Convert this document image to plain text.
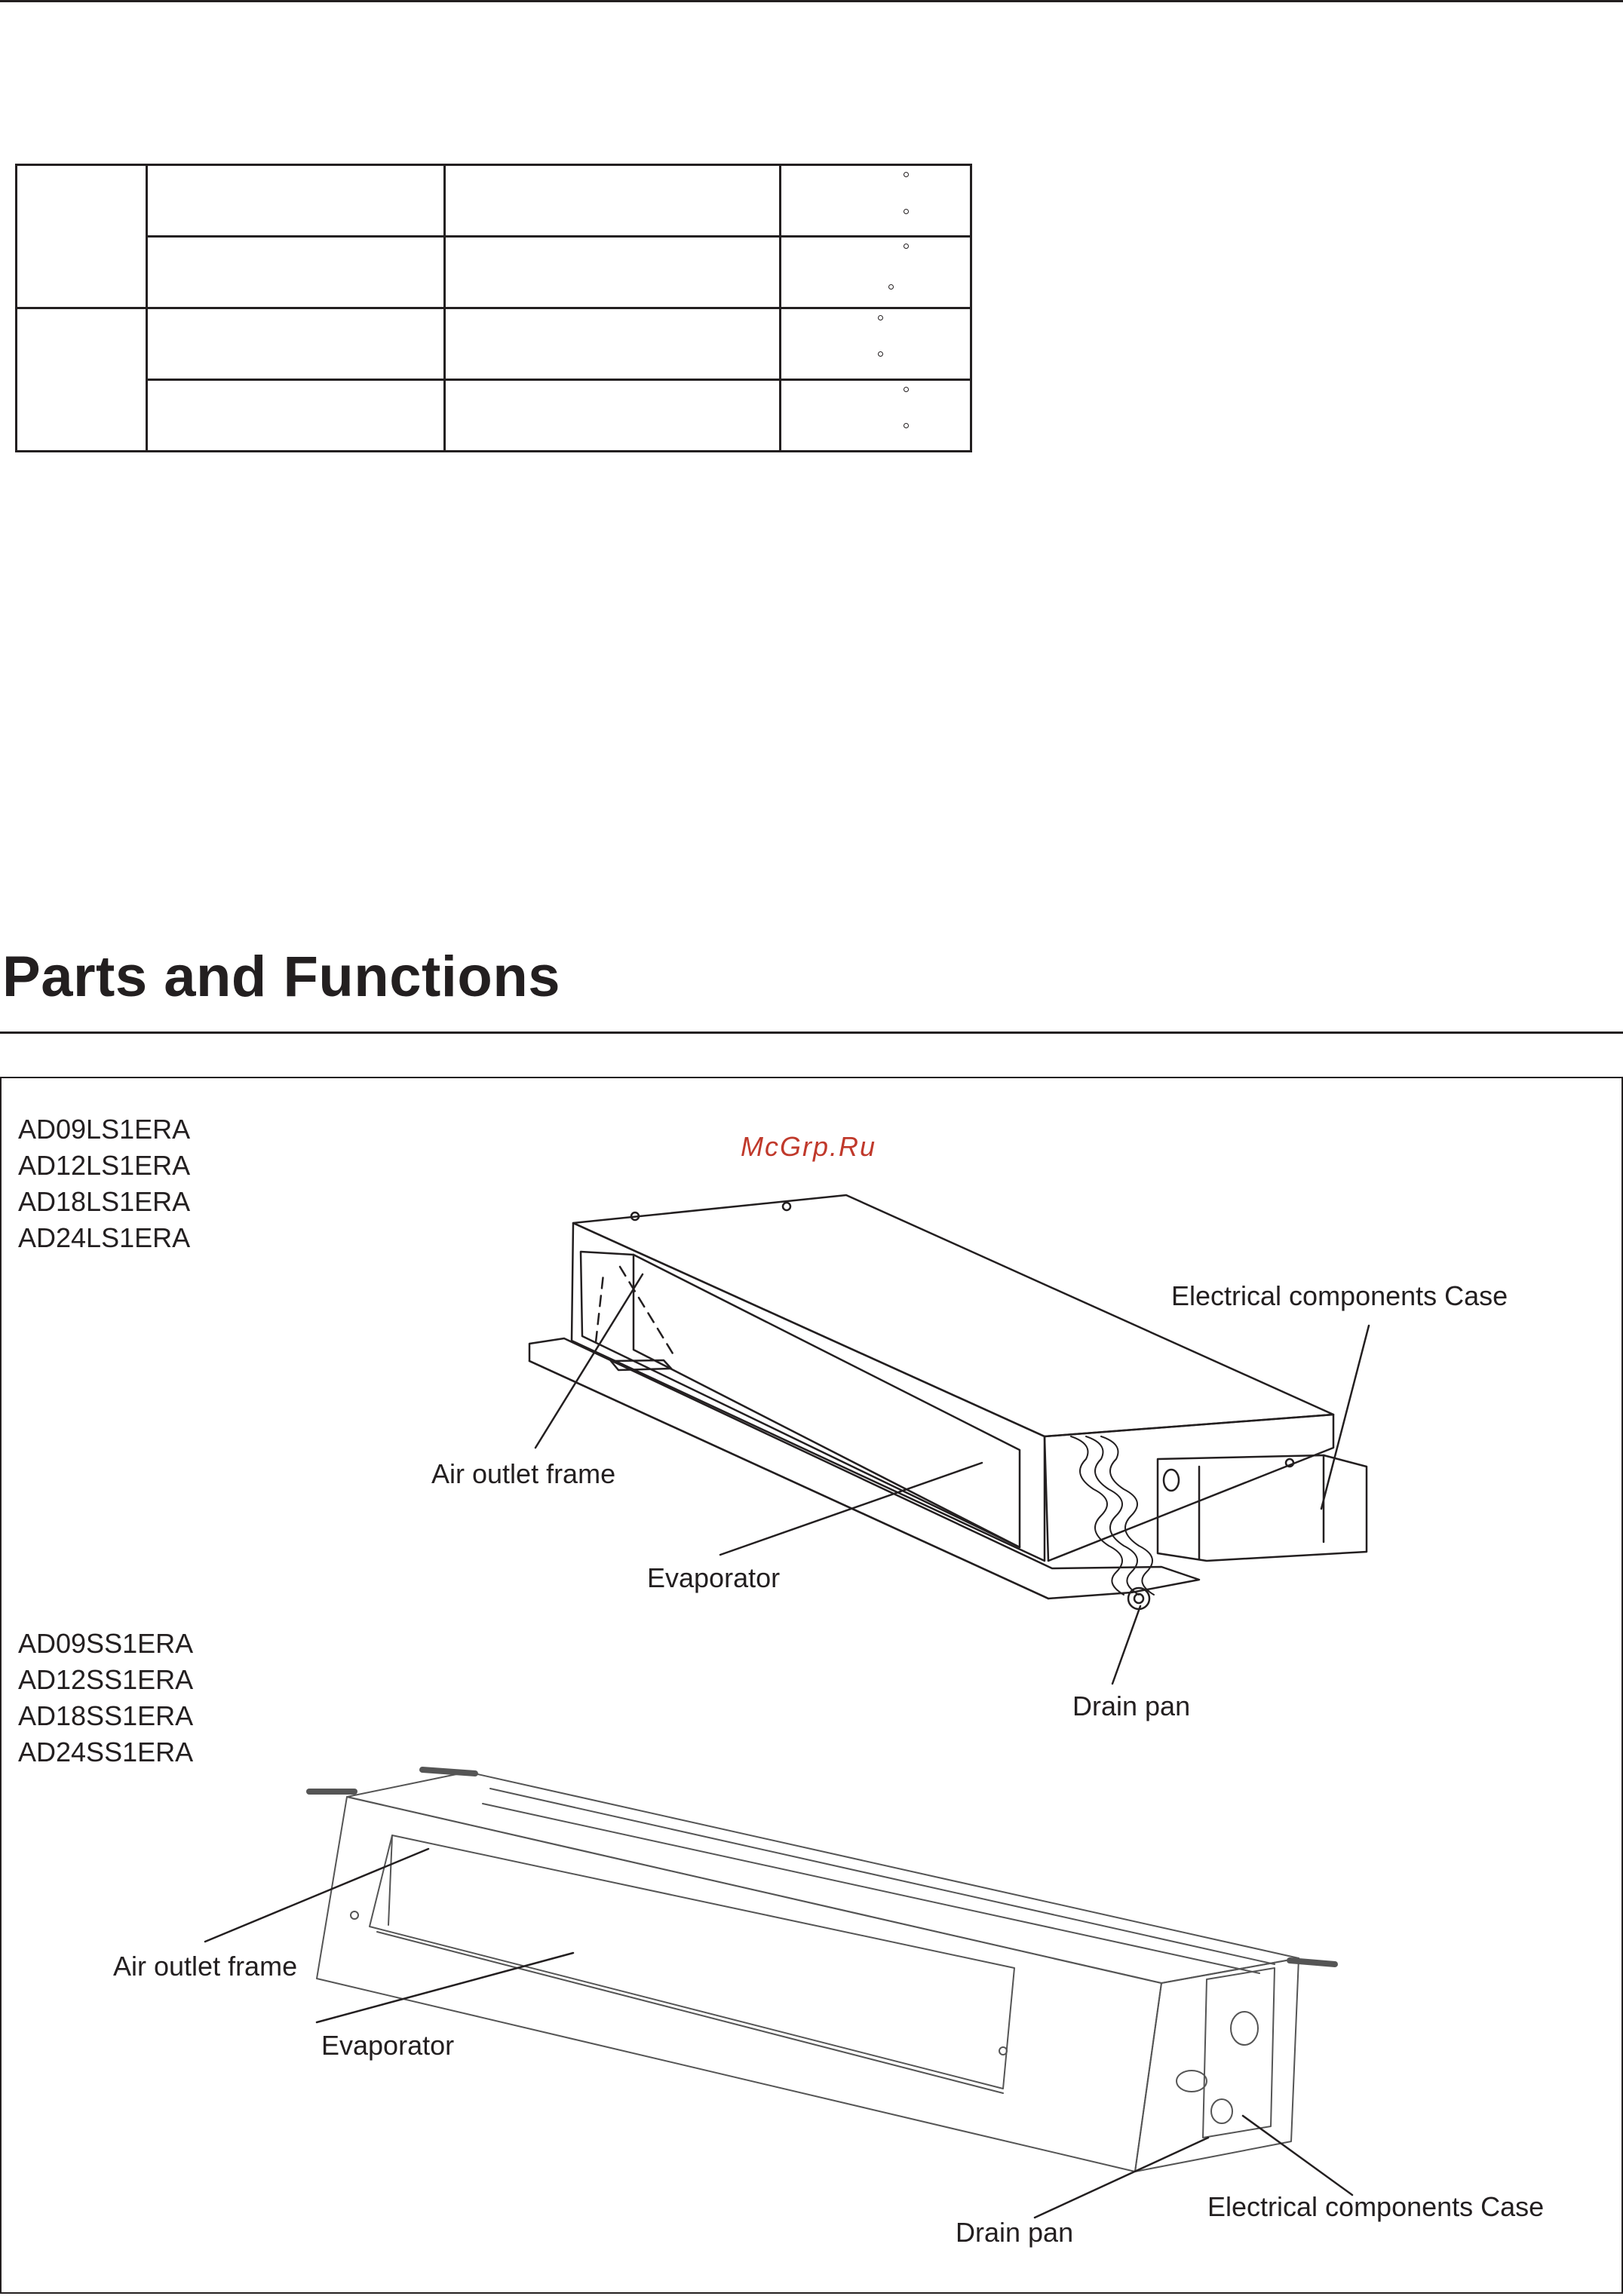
Parts and Functions
McGrp.Ru
AD09LS1ERA
AD12LS1ERA
AD18LS1ERA
AD24LS1ERA
Electrical components Case
Air outlet frame
Evaporator
Drain pan
AD09SS1ERA
AD12SS1ERA
AD18SS1ERA
AD24SS1ERA
Air outlet frame
Evaporator
Drain pan
Electrical components Case
